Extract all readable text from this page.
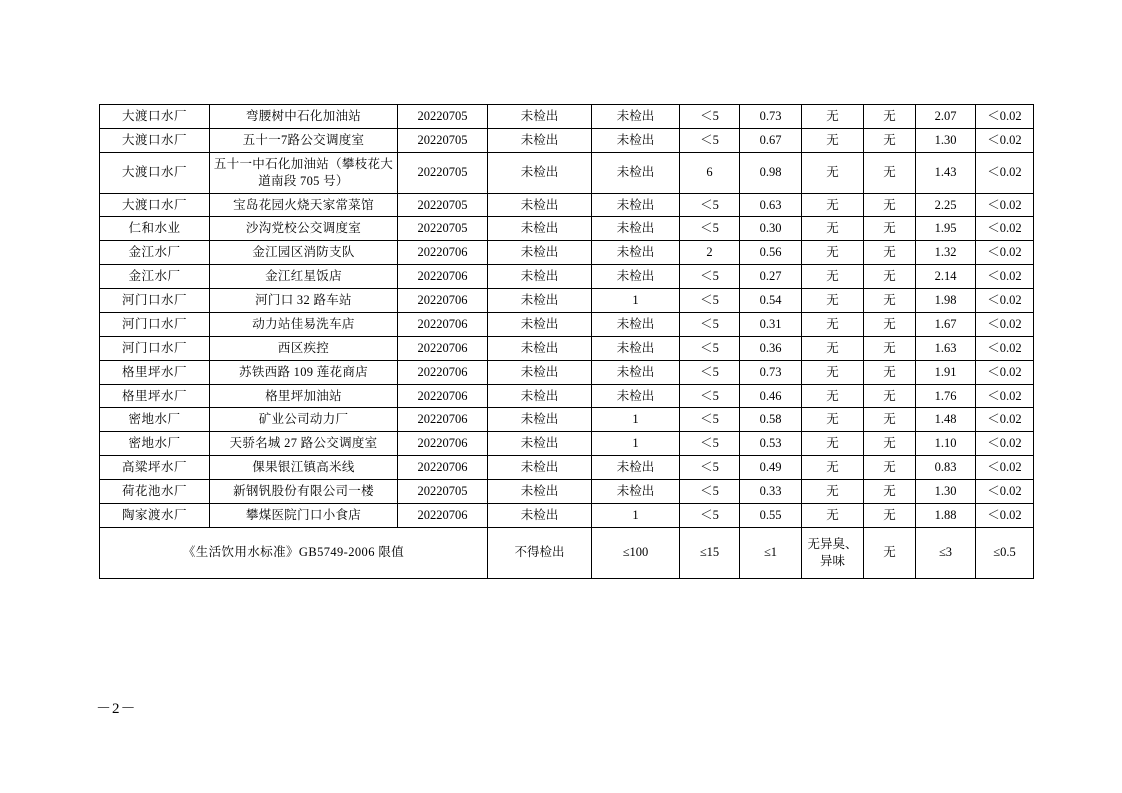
大渡口水厂	弯腰树中石化加油站	20220705	未检出	未检出	＜5	0.73	无	无	2.07	＜0.02
大渡口水厂	五十一7路公交调度室	20220705	未检出	未检出	＜5	0.67	无	无	1.30	＜0.02
大渡口水厂	五十一中石化加油站（攀枝花大道南段 705 号）	20220705	未检出	未检出	6	0.98	无	无	1.43	＜0.02
大渡口水厂	宝岛花园火烧天家常菜馆	20220705	未检出	未检出	＜5	0.63	无	无	2.25	＜0.02
仁和水业	沙沟党校公交调度室	20220705	未检出	未检出	＜5	0.30	无	无	1.95	＜0.02
金江水厂	金江园区消防支队	20220706	未检出	未检出	2	0.56	无	无	1.32	＜0.02
金江水厂	金江红星饭店	20220706	未检出	未检出	＜5	0.27	无	无	2.14	＜0.02
河门口水厂	河门口 32 路车站	20220706	未检出	1	＜5	0.54	无	无	1.98	＜0.02
河门口水厂	动力站佳易洗车店	20220706	未检出	未检出	＜5	0.31	无	无	1.67	＜0.02
河门口水厂	西区疾控	20220706	未检出	未检出	＜5	0.36	无	无	1.63	＜0.02
格里坪水厂	苏铁西路 109 莲花商店	20220706	未检出	未检出	＜5	0.73	无	无	1.91	＜0.02
格里坪水厂	格里坪加油站	20220706	未检出	未检出	＜5	0.46	无	无	1.76	＜0.02
密地水厂	矿业公司动力厂	20220706	未检出	1	＜5	0.58	无	无	1.48	＜0.02
密地水厂	天骄名城 27 路公交调度室	20220706	未检出	1	＜5	0.53	无	无	1.10	＜0.02
高粱坪水厂	倮果银江镇高米线	20220706	未检出	未检出	＜5	0.49	无	无	0.83	＜0.02
荷花池水厂	新钢钒股份有限公司一楼	20220705	未检出	未检出	＜5	0.33	无	无	1.30	＜0.02
陶家渡水厂	攀煤医院门口小食店	20220706	未检出	1	＜5	0.55	无	无	1.88	＜0.02
《生活饮用水标准》GB5749-2006 限值			不得检出	≤100	≤15	≤1	无异臭、
异味	无	≤3	≤0.5
－2－
